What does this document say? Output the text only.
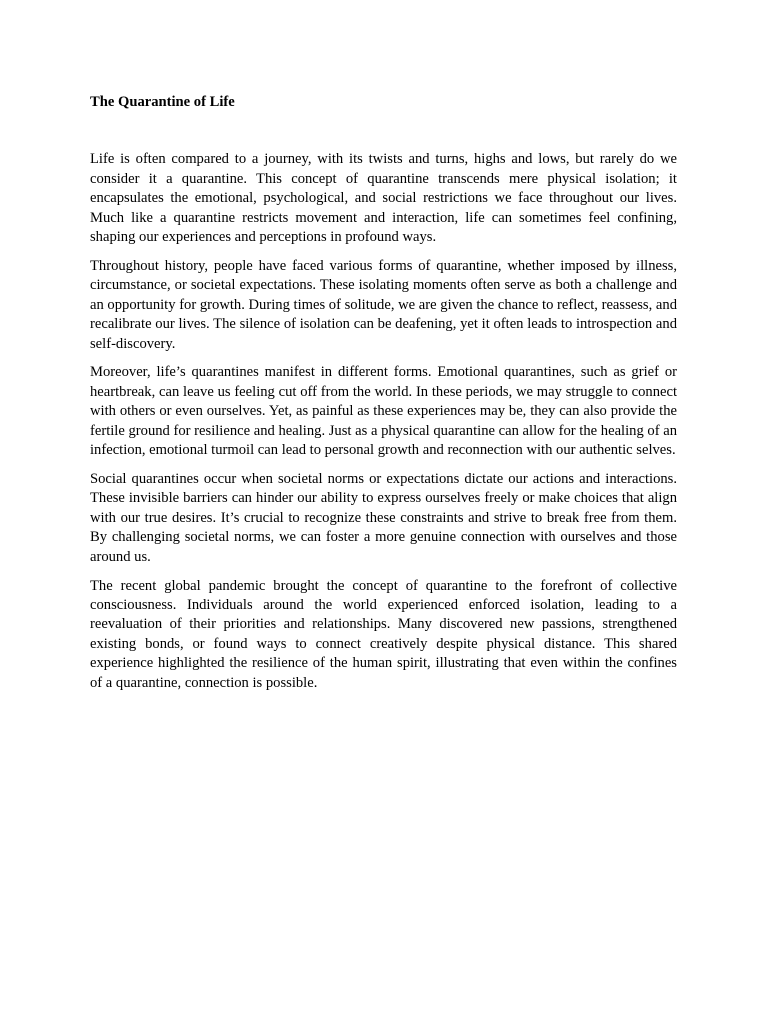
The Quarantine of Life

Life is often compared to a journey, with its twists and turns, highs and lows, but rarely do we consider it a quarantine. This concept of quarantine transcends mere physical isolation; it encapsulates the emotional, psychological, and social restrictions we face throughout our lives. Much like a quarantine restricts movement and interaction, life can sometimes feel confining, shaping our experiences and perceptions in profound ways.

Throughout history, people have faced various forms of quarantine, whether imposed by illness, circumstance, or societal expectations. These isolating moments often serve as both a challenge and an opportunity for growth. During times of solitude, we are given the chance to reflect, reassess, and recalibrate our lives. The silence of isolation can be deafening, yet it often leads to introspection and self-discovery.

Moreover, life’s quarantines manifest in different forms. Emotional quarantines, such as grief or heartbreak, can leave us feeling cut off from the world. In these periods, we may struggle to connect with others or even ourselves. Yet, as painful as these experiences may be, they can also provide the fertile ground for resilience and healing. Just as a physical quarantine can allow for the healing of an infection, emotional turmoil can lead to personal growth and reconnection with our authentic selves.

Social quarantines occur when societal norms or expectations dictate our actions and interactions. These invisible barriers can hinder our ability to express ourselves freely or make choices that align with our true desires. It’s crucial to recognize these constraints and strive to break free from them. By challenging societal norms, we can foster a more genuine connection with ourselves and those around us.

The recent global pandemic brought the concept of quarantine to the forefront of collective consciousness. Individuals around the world experienced enforced isolation, leading to a reevaluation of their priorities and relationships. Many discovered new passions, strengthened existing bonds, or found ways to connect creatively despite physical distance. This shared experience highlighted the resilience of the human spirit, illustrating that even within the confines of a quarantine, connection is possible.
